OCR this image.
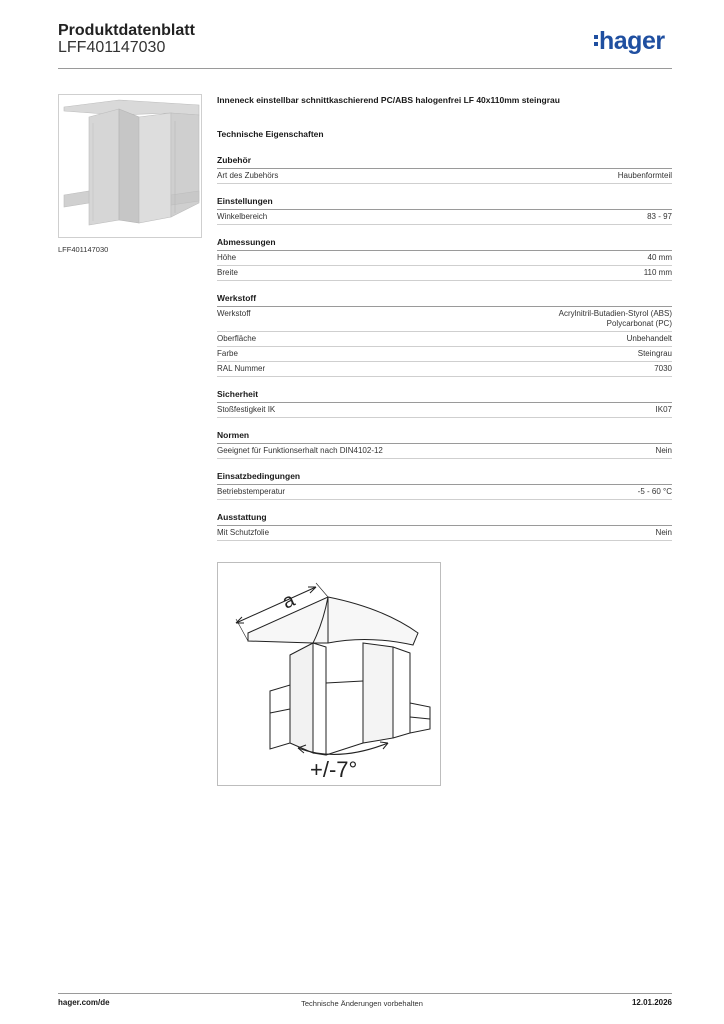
Produktdatenblatt
LFF401147030	hager
LFF401147030
Inneneck einstellbar schnittkaschierend PC/ABS halogenfrei LF 40x110mm steingrau
Technische Eigenschaften
Zubehör
Art des Zubehörs	Haubenformteil
Einstellungen
Winkelbereich	83 - 97
Abmessungen
Höhe	40 mm
Breite	110 mm
Werkstoff
Werkstoff	Acrylnitril-Butadien-Styrol (ABS)
Polycarbonat (PC)
Oberfläche	Unbehandelt
Farbe	Steingrau
RAL Nummer	7030
Sicherheit
Stoßfestigkeit IK	IK07
Normen
Geeignet für Funktionserhalt nach DIN4102-12	Nein
Einsatzbedingungen
Betriebstemperatur	-5 - 60 °C
Ausstattung
Mit Schutzfolie	Nein
a
+/-7°
hager.com/de	Technische Änderungen vorbehalten	12.01.2026
